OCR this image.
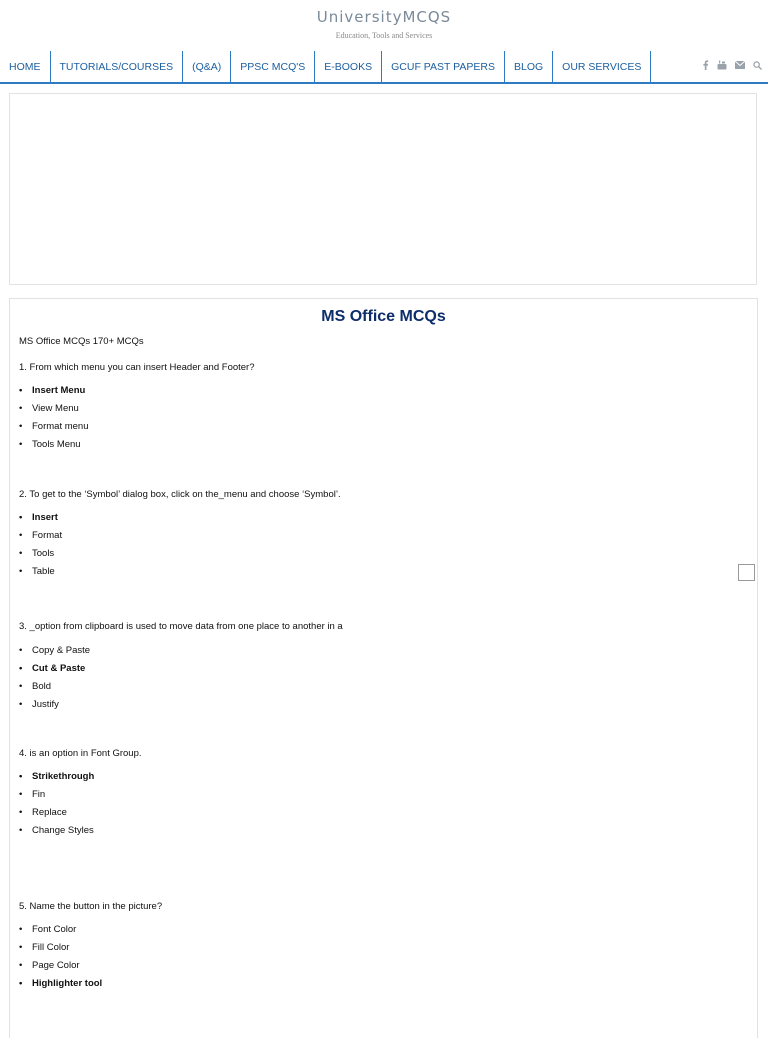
UniversityMCQS
Education, Tools and Services
HOME	TUTORIALS/COURSES	(Q&A)	PPSC MCQ'S	E-BOOKS	GCUF PAST PAPERS	BLOG	OUR SERVICES
MS Office MCQs
MS Office MCQs 170+ MCQs
1. From which menu you can insert Header and Footer?
• Insert Menu
• View Menu
• Format menu
• Tools Menu
2. To get to the ‘Symbol’ dialog box, click on the_menu and choose ‘Symbol’.
• Insert
• Format
• Tools
• Table
3. _option from clipboard is used to move data from one place to another in a
• Copy & Paste
• Cut & Paste
• Bold
• Justify
4. is an option in Font Group.
• Strikethrough
• Fin
• Replace
• Change Styles
5. Name the button in the picture?
• Font Color
• Fill Color
• Page Color
• Highlighter tool
